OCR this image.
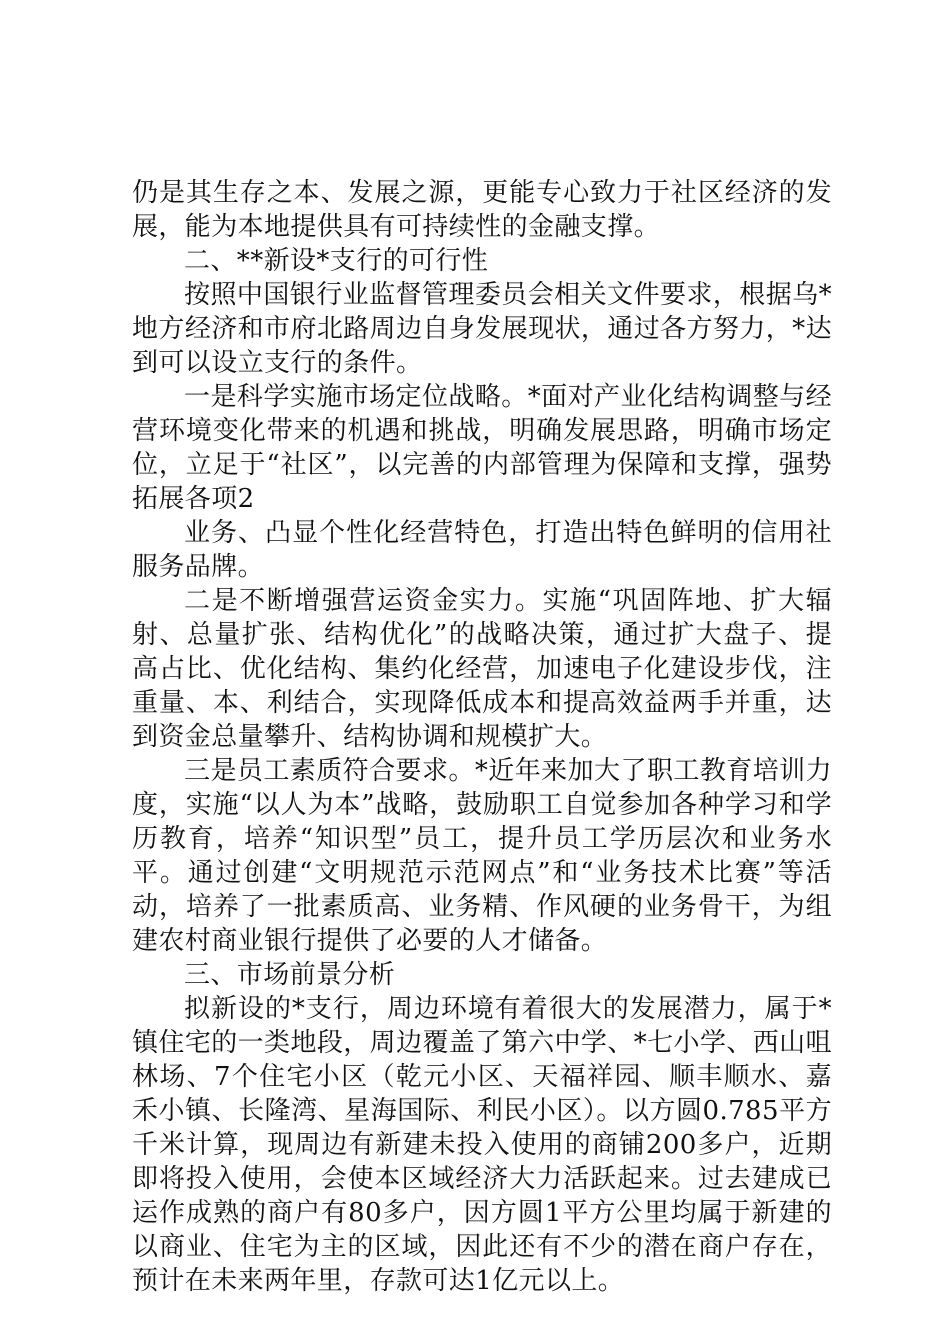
仍是其生存之本、发展之源，更能专心致力于社区经济的发展，能为本地提供具有可持续性的金融支撑。

二、**新设*支行的可行性

按照中国银行业监督管理委员会相关文件要求，根据乌*地方经济和市府北路周边自身发展现状，通过各方努力，*达到可以设立支行的条件。

一是科学实施市场定位战略。*面对产业化结构调整与经营环境变化带来的机遇和挑战，明确发展思路，明确市场定位，立足于“社区”，以完善的内部管理为保障和支撑，强势拓展各项2

业务、凸显个性化经营特色，打造出特色鲜明的信用社服务品牌。

二是不断增强营运资金实力。实施“巩固阵地、扩大辐射、总量扩张、结构优化”的战略决策，通过扩大盘子、提高占比、优化结构、集约化经营，加速电子化建设步伐，注重量、本、利结合，实现降低成本和提高效益两手并重，达到资金总量攀升、结构协调和规模扩大。

三是员工素质符合要求。*近年来加大了职工教育培训力度，实施“以人为本”战略，鼓励职工自觉参加各种学习和学历教育，培养“知识型”员工，提升员工学历层次和业务水平。通过创建“文明规范示范网点”和“业务技术比赛”等活动，培养了一批素质高、业务精、作风硬的业务骨干，为组建农村商业银行提供了必要的人才储备。

三、市场前景分析

拟新设的*支行，周边环境有着很大的发展潜力，属于*镇住宅的一类地段，周边覆盖了第六中学、*七小学、西山咀林场、7个住宅小区（乾元小区、天福祥园、顺丰顺水、嘉禾小镇、长隆湾、星海国际、利民小区）。以方圆0.785平方千米计算，现周边有新建未投入使用的商铺200多户，近期即将投入使用，会使本区域经济大力活跃起来。过去建成已运作成熟的商户有80多户，因方圆1平方公里均属于新建的以商业、住宅为主的区域，因此还有不少的潜在商户存在，预计在未来两年里，存款可达1亿元以上。
